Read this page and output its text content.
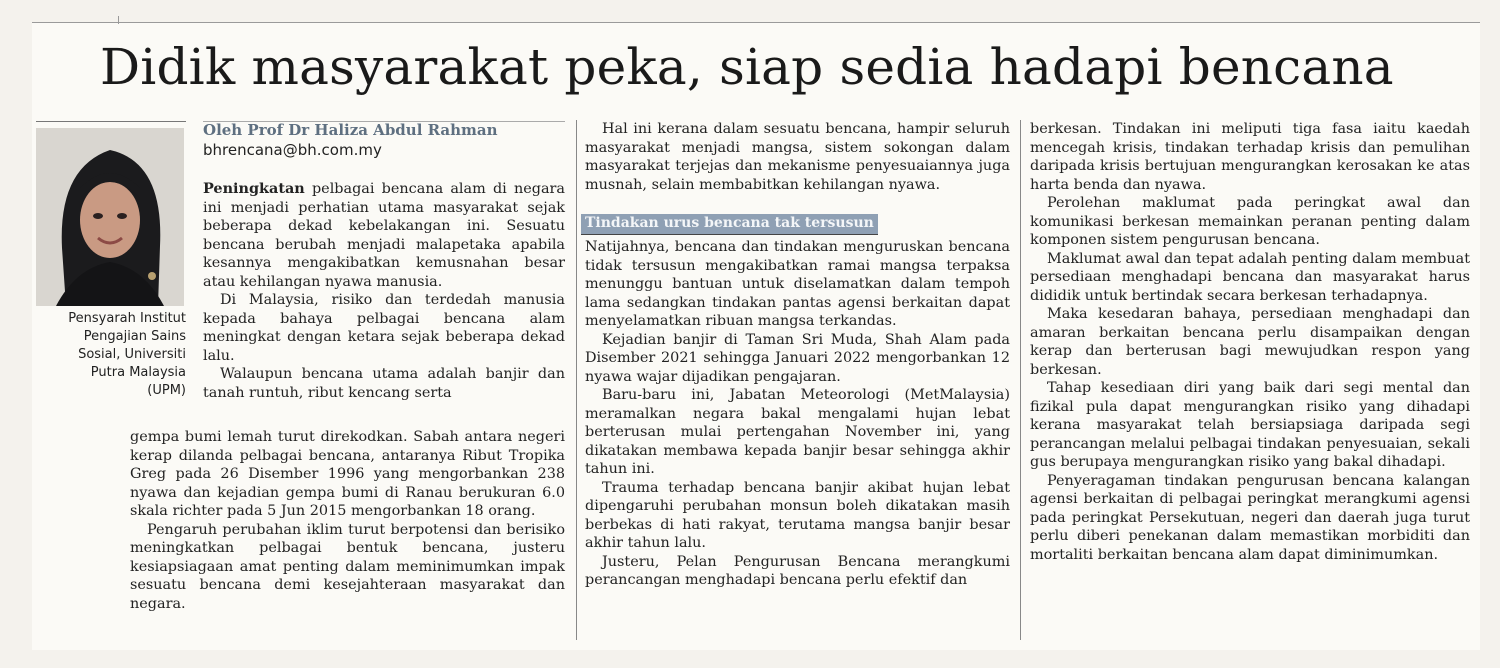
Didik masyarakat peka, siap sedia hadapi bencana
Pensyarah Institut
Pengajian Sains
Sosial, Universiti
Putra Malaysia
(UPM)
Oleh Prof Dr Haliza Abdul Rahman
bhrencana@bh.com.my

Peningkatan pelbagai bencana alam di negara ini menjadi perhatian utama masyarakat sejak beberapa dekad kebelakangan ini. Sesuatu bencana berubah menjadi malapetaka apabila kesannya mengakibatkan kemusnahan besar atau kehilangan nyawa manusia.

Di Malaysia, risiko dan terdedah manusia kepada bahaya pelbagai bencana alam meningkat dengan ketara sejak beberapa dekad lalu.

Walaupun bencana utama adalah banjir dan tanah runtuh, ribut kencang serta

gempa bumi lemah turut direkodkan. Sabah antara negeri kerap dilanda pelbagai bencana, antaranya Ribut Tropika Greg pada 26 Disember 1996 yang mengorbankan 238 nyawa dan kejadian gempa bumi di Ranau berukuran 6.0 skala richter pada 5 Jun 2015 mengorbankan 18 orang.

Pengaruh perubahan iklim turut berpotensi dan berisiko meningkatkan pelbagai bentuk bencana, justeru kesiapsiagaan amat penting dalam meminimumkan impak sesuatu bencana demi kesejahteraan masyarakat dan negara.

Hal ini kerana dalam sesuatu bencana, hampir seluruh masyarakat menjadi mangsa, sistem sokongan dalam masyarakat terjejas dan mekanisme penyesuaiannya juga musnah, selain membabitkan kehilangan nyawa.

Tindakan urus bencana tak tersusun

Natijahnya, bencana dan tindakan menguruskan bencana tidak tersusun mengakibatkan ramai mangsa terpaksa menunggu bantuan untuk diselamatkan dalam tempoh lama sedangkan tindakan pantas agensi berkaitan dapat menyelamatkan ribuan mangsa terkandas.

Kejadian banjir di Taman Sri Muda, Shah Alam pada Disember 2021 sehingga Januari 2022 mengorbankan 12 nyawa wajar dijadikan pengajaran.

Baru-baru ini, Jabatan Meteorologi (MetMalaysia) meramalkan negara bakal mengalami hujan lebat berterusan mulai pertengahan November ini, yang dikatakan membawa kepada banjir besar sehingga akhir tahun ini.

Trauma terhadap bencana banjir akibat hujan lebat dipengaruhi perubahan monsun boleh dikatakan masih berbekas di hati rakyat, terutama mangsa banjir besar akhir tahun lalu.

Justeru, Pelan Pengurusan Bencana merangkumi perancangan menghadapi bencana perlu efektif dan

berkesan. Tindakan ini meliputi tiga fasa iaitu kaedah mencegah krisis, tindakan terhadap krisis dan pemulihan daripada krisis bertujuan mengurangkan kerosakan ke atas harta benda dan nyawa.

Perolehan maklumat pada peringkat awal dan komunikasi berkesan memainkan peranan penting dalam komponen sistem pengurusan bencana.

Maklumat awal dan tepat adalah penting dalam membuat persediaan menghadapi bencana dan masyarakat harus dididik untuk bertindak secara berkesan terhadapnya.

Maka kesedaran bahaya, persediaan menghadapi dan amaran berkaitan bencana perlu disampaikan dengan kerap dan berterusan bagi mewujudkan respon yang berkesan.

Tahap kesediaan diri yang baik dari segi mental dan fizikal pula dapat mengurangkan risiko yang dihadapi kerana masyarakat telah bersiapsiaga daripada segi perancangan melalui pelbagai tindakan penyesuaian, sekali gus berupaya mengurangkan risiko yang bakal dihadapi.

Penyeragaman tindakan pengurusan bencana kalangan agensi berkaitan di pelbagai peringkat merangkumi agensi pada peringkat Persekutuan, negeri dan daerah juga turut perlu diberi penekanan dalam memastikan morbiditi dan mortaliti berkaitan bencana alam dapat diminimumkan.
